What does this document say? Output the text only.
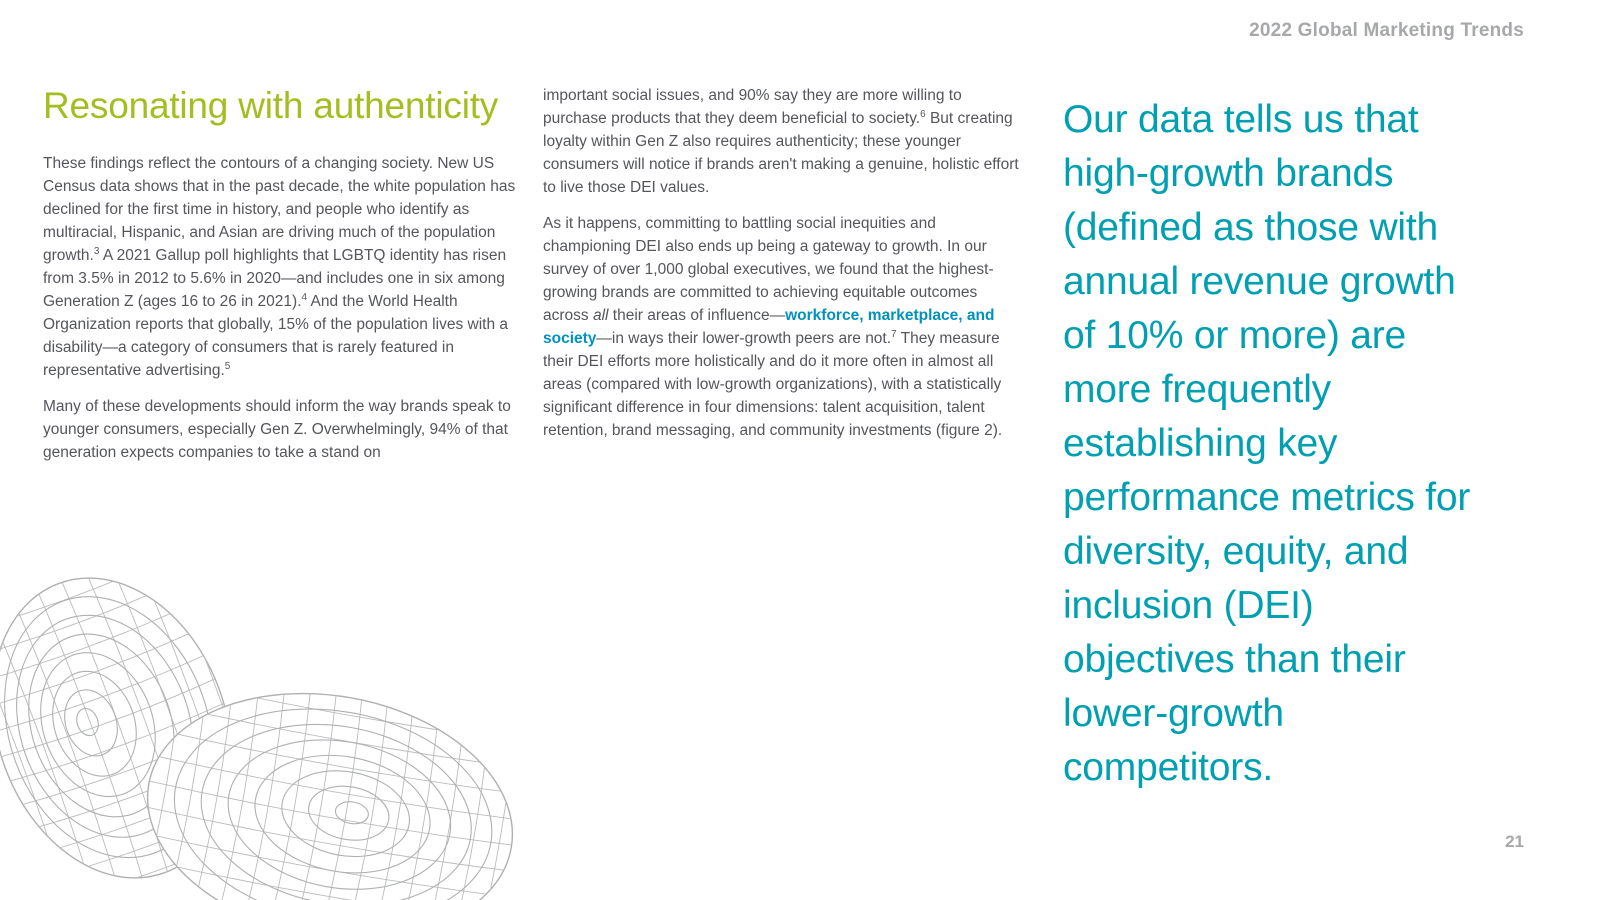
2022 Global Marketing Trends
Resonating with authenticity

These findings reflect the contours of a changing society. New US Census data shows that in the past decade, the white population has declined for the first time in history, and people who identify as multiracial, Hispanic, and Asian are driving much of the population growth.$^3$ A 2021 Gallup poll highlights that LGBTQ identity has risen from 3.5% in 2012 to 5.6% in 2020—and includes one in six among Generation Z (ages 16 to 26 in 2021).$^4$ And the World Health Organization reports that globally, 15% of the population lives with a disability—a category of consumers that is rarely featured in representative advertising.$^5$

Many of these developments should inform the way brands speak to younger consumers, especially Gen Z. Overwhelmingly, 94% of that generation expects companies to take a stand on

important social issues, and 90% say they are more willing to purchase products that they deem beneficial to society.$^6$ But creating loyalty within Gen Z also requires authenticity; these younger consumers will notice if brands aren't making a genuine, holistic effort to live those DEI values.

As it happens, committing to battling social inequities and championing DEI also ends up being a gateway to growth. In our survey of over 1,000 global executives, we found that the highest-growing brands are committed to achieving equitable outcomes across all their areas of influence—workforce, marketplace, and society—in ways their lower-growth peers are not.$^7$ They measure their DEI efforts more holistically and do it more often in almost all areas (compared with low-growth organizations), with a statistically significant difference in four dimensions: talent acquisition, talent retention, brand messaging, and community investments (figure 2).

Our data tells us that high-growth brands (defined as those with annual revenue growth of 10% or more) are more frequently establishing key performance metrics for diversity, equity, and inclusion (DEI) objectives than their lower-growth competitors.
21
